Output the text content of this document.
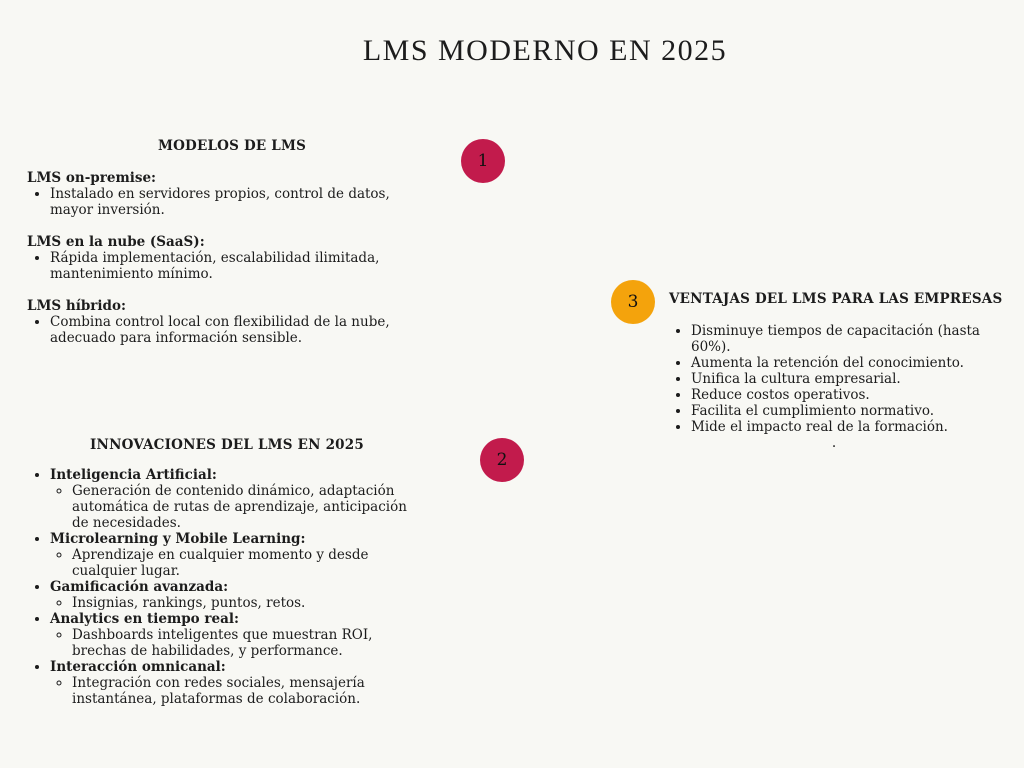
LMS MODERNO EN 2025
1
2
3
MODELOS DE LMS
LMS on-premise:
• Instalado en servidores propios, control de datos, mayor inversión.
LMS en la nube (SaaS):
• Rápida implementación, escalabilidad ilimitada, mantenimiento mínimo.
LMS híbrido:
• Combina control local con flexibilidad de la nube, adecuado para información sensible.
INNOVACIONES DEL LMS EN 2025
• Inteligencia Artificial:
◦ Generación de contenido dinámico, adaptación automática de rutas de aprendizaje, anticipación de necesidades.
• Microlearning y Mobile Learning:
◦ Aprendizaje en cualquier momento y desde cualquier lugar.
• Gamificación avanzada:
◦ Insignias, rankings, puntos, retos.
• Analytics en tiempo real:
◦ Dashboards inteligentes que muestran ROI, brechas de habilidades, y performance.
• Interacción omnicanal:
◦ Integración con redes sociales, mensajería instantánea, plataformas de colaboración.
VENTAJAS DEL LMS PARA LAS EMPRESAS
• Disminuye tiempos de capacitación (hasta 60%).
• Aumenta la retención del conocimiento.
• Unifica la cultura empresarial.
• Reduce costos operativos.
• Facilita el cumplimiento normativo.
• Mide el impacto real de la formación.
.
